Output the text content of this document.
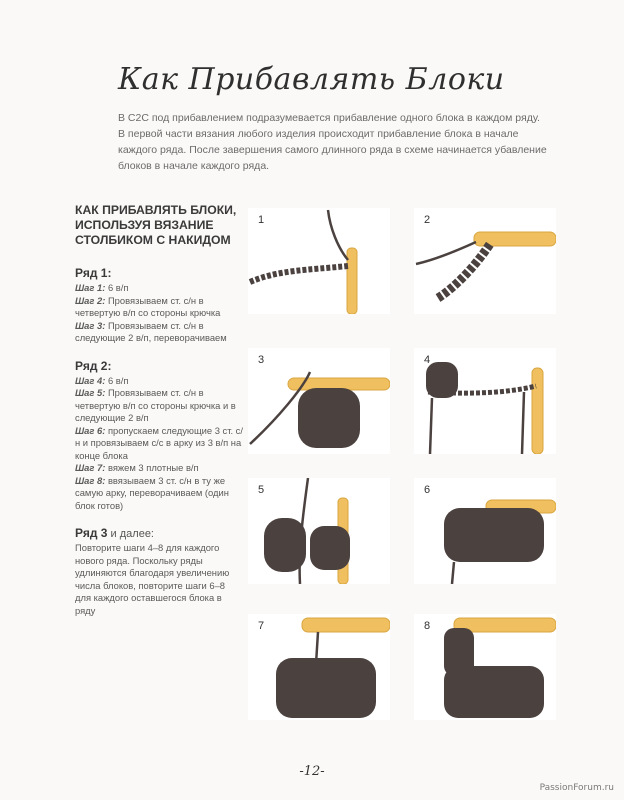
Как Прибавлять Блоки

В С2С под прибавлением подразумевается прибавление одного блока в каждом ряду.

В первой части вязания любого изделия происходит прибавление блока в начале каждого ряда. После завершения самого длинного ряда в схеме начинается убавление блоков в начале каждого ряда.

КАК ПРИБАВЛЯТЬ БЛОКИ, ИСПОЛЬЗУЯ ВЯЗАНИЕ СТОЛБИКОМ С НАКИДОМ
Ряд 1:

Шаг 1: 6 в/п

Шаг 2: Провязываем ст. с/н в четвертую в/п со стороны крючка

Шаг 3: Провязываем ст. с/н в следующие 2 в/п, переворачиваем

Ряд 2:

Шаг 4: 6 в/п

Шаг 5: Провязываем ст. с/н в четвертую в/п со стороны крючка и в следующие 2 в/п

Шаг 6: пропускаем следующие 3 ст. с/н и провязываем с/с в арку из 3 в/п на конце блока

Шаг 7: вяжем 3 плотные в/п

Шаг 8: ввязываем 3 ст. с/н в ту же самую арку, переворачиваем (один блок готов)

Ряд 3 и далее:

Повторите шаги 4–8 для каждого нового ряда. Поскольку ряды удлиняются благодаря увеличению числа блоков, повторите шаги 6–8 для каждого оставшегося блока в ряду

1	2
3	4
5	6
7	8
-12-
PassionForum.ru
